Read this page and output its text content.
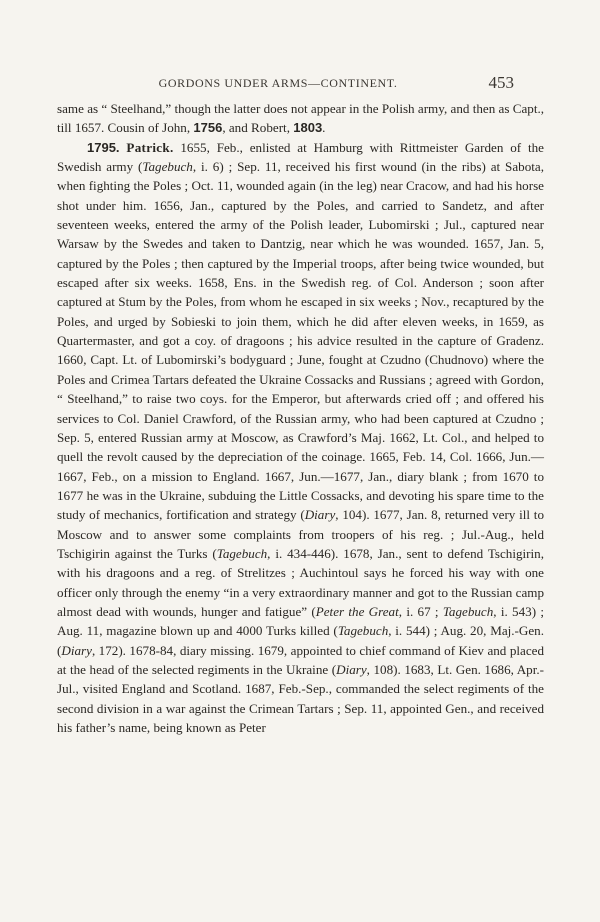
GORDONS UNDER ARMS—CONTINENT.	453

same as “ Steelhand,” though the latter does not appear in the Polish army, and then as Capt., till 1657. Cousin of John, 1756, and Robert, 1803.

1795. Patrick. 1655, Feb., enlisted at Hamburg with Rittmeister Garden of the Swedish army (Tagebuch, i. 6) ; Sep. 11, received his first wound (in the ribs) at Sabota, when fighting the Poles ; Oct. 11, wounded again (in the leg) near Cracow, and had his horse shot under him. 1656, Jan., captured by the Poles, and carried to Sandetz, and after seventeen weeks, entered the army of the Polish leader, Lubomirski ; Jul., captured near Warsaw by the Swedes and taken to Dantzig, near which he was wounded. 1657, Jan. 5, captured by the Poles ; then captured by the Imperial troops, after being twice wounded, but escaped after six weeks. 1658, Ens. in the Swedish reg. of Col. Anderson ; soon after captured at Stum by the Poles, from whom he escaped in six weeks ; Nov., recaptured by the Poles, and urged by Sobieski to join them, which he did after eleven weeks, in 1659, as Quartermaster, and got a coy. of dragoons ; his advice resulted in the capture of Gradenz. 1660, Capt. Lt. of Lubomirski’s bodyguard ; June, fought at Czudno (Chudnovo) where the Poles and Crimea Tartars defeated the Ukraine Cossacks and Russians ; agreed with Gordon, “ Steelhand,” to raise two coys. for the Emperor, but afterwards cried off ; and offered his services to Col. Daniel Crawford, of the Russian army, who had been captured at Czudno ; Sep. 5, entered Russian army at Moscow, as Crawford’s Maj. 1662, Lt. Col., and helped to quell the revolt caused by the depreciation of the coinage. 1665, Feb. 14, Col. 1666, Jun.—1667, Feb., on a mission to England. 1667, Jun.—1677, Jan., diary blank ; from 1670 to 1677 he was in the Ukraine, subduing the Little Cossacks, and devoting his spare time to the study of mechanics, fortification and strategy (Diary, 104). 1677, Jan. 8, returned very ill to Moscow and to answer some complaints from troopers of his reg. ; Jul.-Aug., held Tschigirin against the Turks (Tagebuch, i. 434-446). 1678, Jan., sent to defend Tschigirin, with his dragoons and a reg. of Strelitzes ; Auchintoul says he forced his way with one officer only through the enemy “in a very extraordinary manner and got to the Russian camp almost dead with wounds, hunger and fatigue” (Peter the Great, i. 67 ; Tagebuch, i. 543) ; Aug. 11, magazine blown up and 4000 Turks killed (Tagebuch, i. 544) ; Aug. 20, Maj.-Gen. (Diary, 172). 1678-84, diary missing. 1679, appointed to chief command of Kiev and placed at the head of the selected regiments in the Ukraine (Diary, 108). 1683, Lt. Gen. 1686, Apr.-Jul., visited England and Scotland. 1687, Feb.-Sep., commanded the select regiments of the second division in a war against the Crimean Tartars ; Sep. 11, appointed Gen., and received his father’s name, being known as Peter
